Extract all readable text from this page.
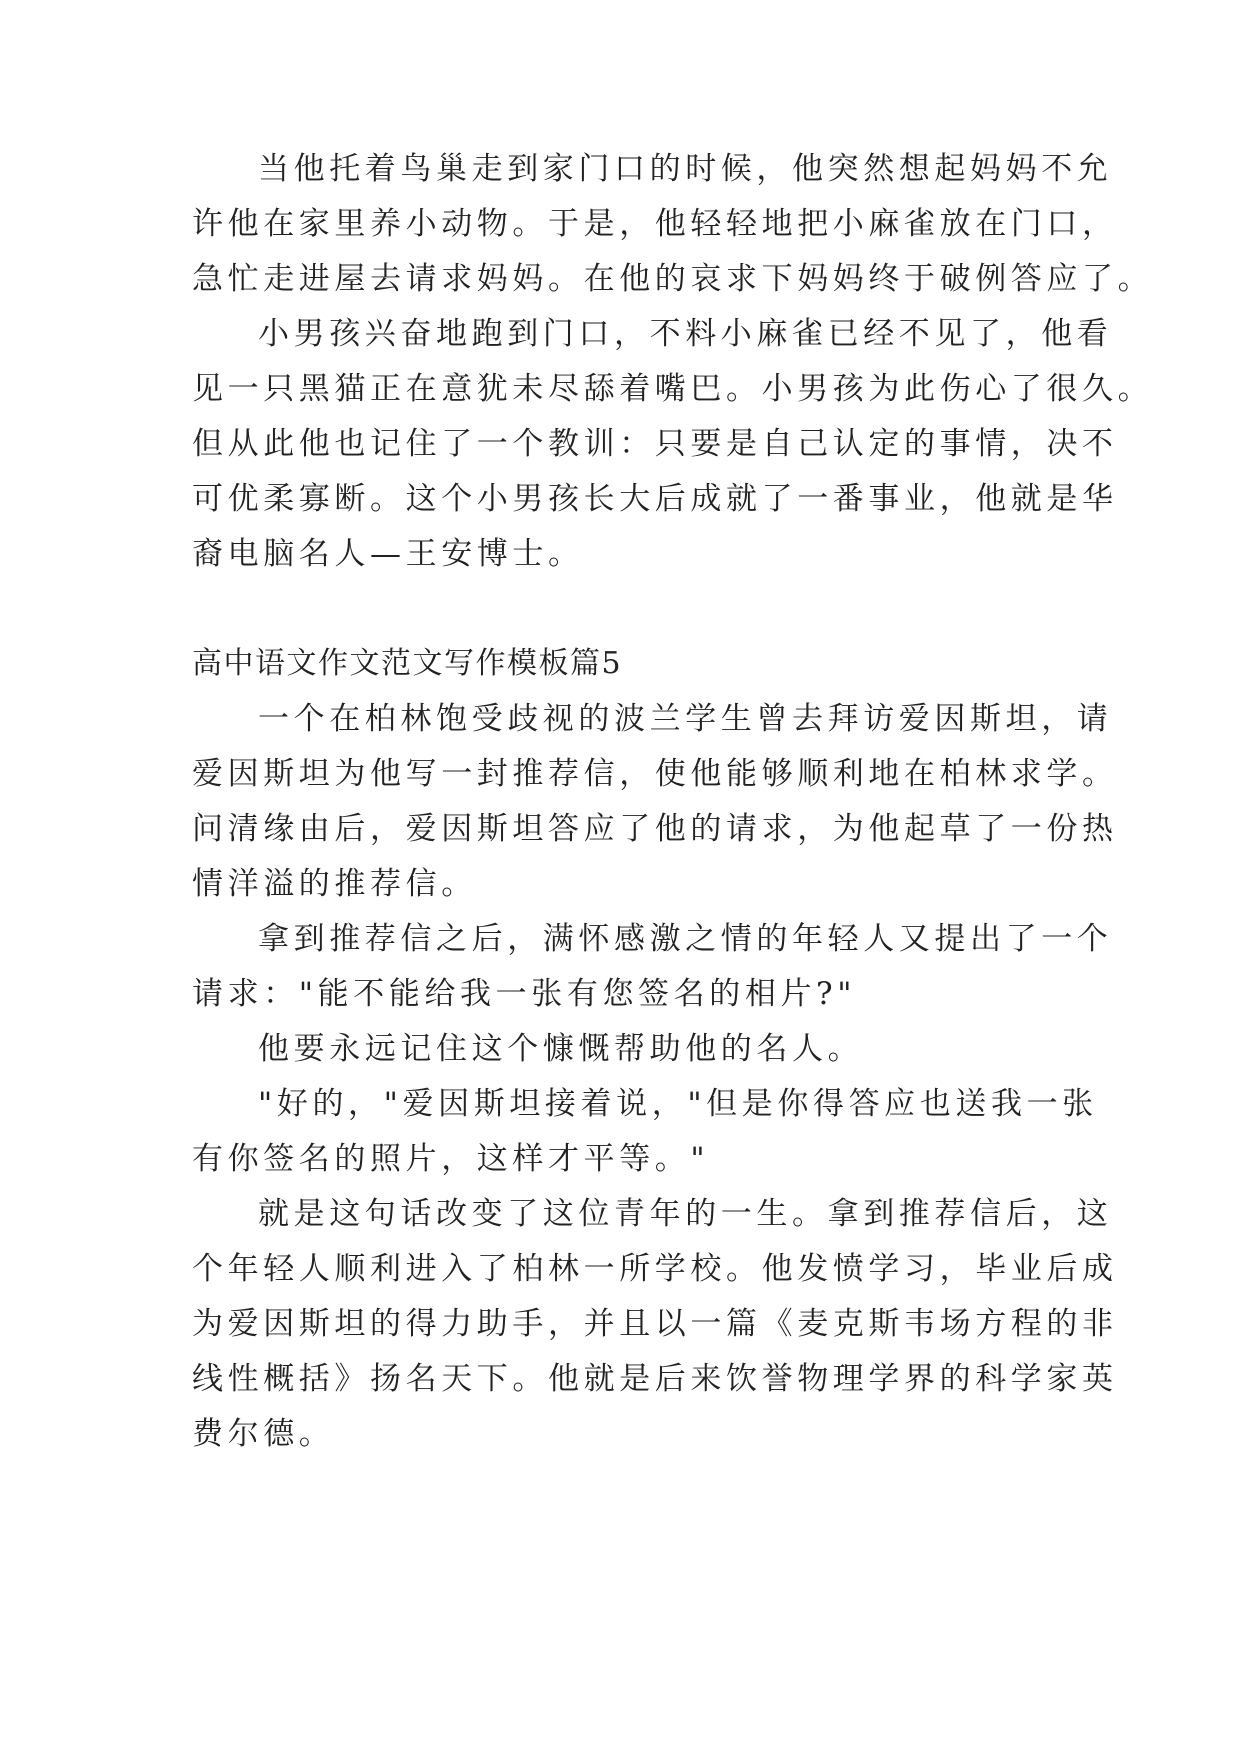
当他托着鸟巢走到家门口的时候，他突然想起妈妈不允
许他在家里养小动物。于是，他轻轻地把小麻雀放在门口，
急忙走进屋去请求妈妈。在他的哀求下妈妈终于破例答应了。
小男孩兴奋地跑到门口，不料小麻雀已经不见了，他看
见一只黑猫正在意犹未尽舔着嘴巴。小男孩为此伤心了很久。
但从此他也记住了一个教训：只要是自己认定的事情，决不
可优柔寡断。这个小男孩长大后成就了一番事业，他就是华
裔电脑名人—王安博士。
高中语文作文范文写作模板篇5
一个在柏林饱受歧视的波兰学生曾去拜访爱因斯坦，请
爱因斯坦为他写一封推荐信，使他能够顺利地在柏林求学。
问清缘由后，爱因斯坦答应了他的请求，为他起草了一份热
情洋溢的推荐信。
拿到推荐信之后，满怀感激之情的年轻人又提出了一个
请求："能不能给我一张有您签名的相片?"
他要永远记住这个慷慨帮助他的名人。
"好的，"爱因斯坦接着说，"但是你得答应也送我一张
有你签名的照片，这样才平等。"
就是这句话改变了这位青年的一生。拿到推荐信后，这
个年轻人顺利进入了柏林一所学校。他发愤学习，毕业后成
为爱因斯坦的得力助手，并且以一篇《麦克斯韦场方程的非
线性概括》扬名天下。他就是后来饮誉物理学界的科学家英
费尔德。
